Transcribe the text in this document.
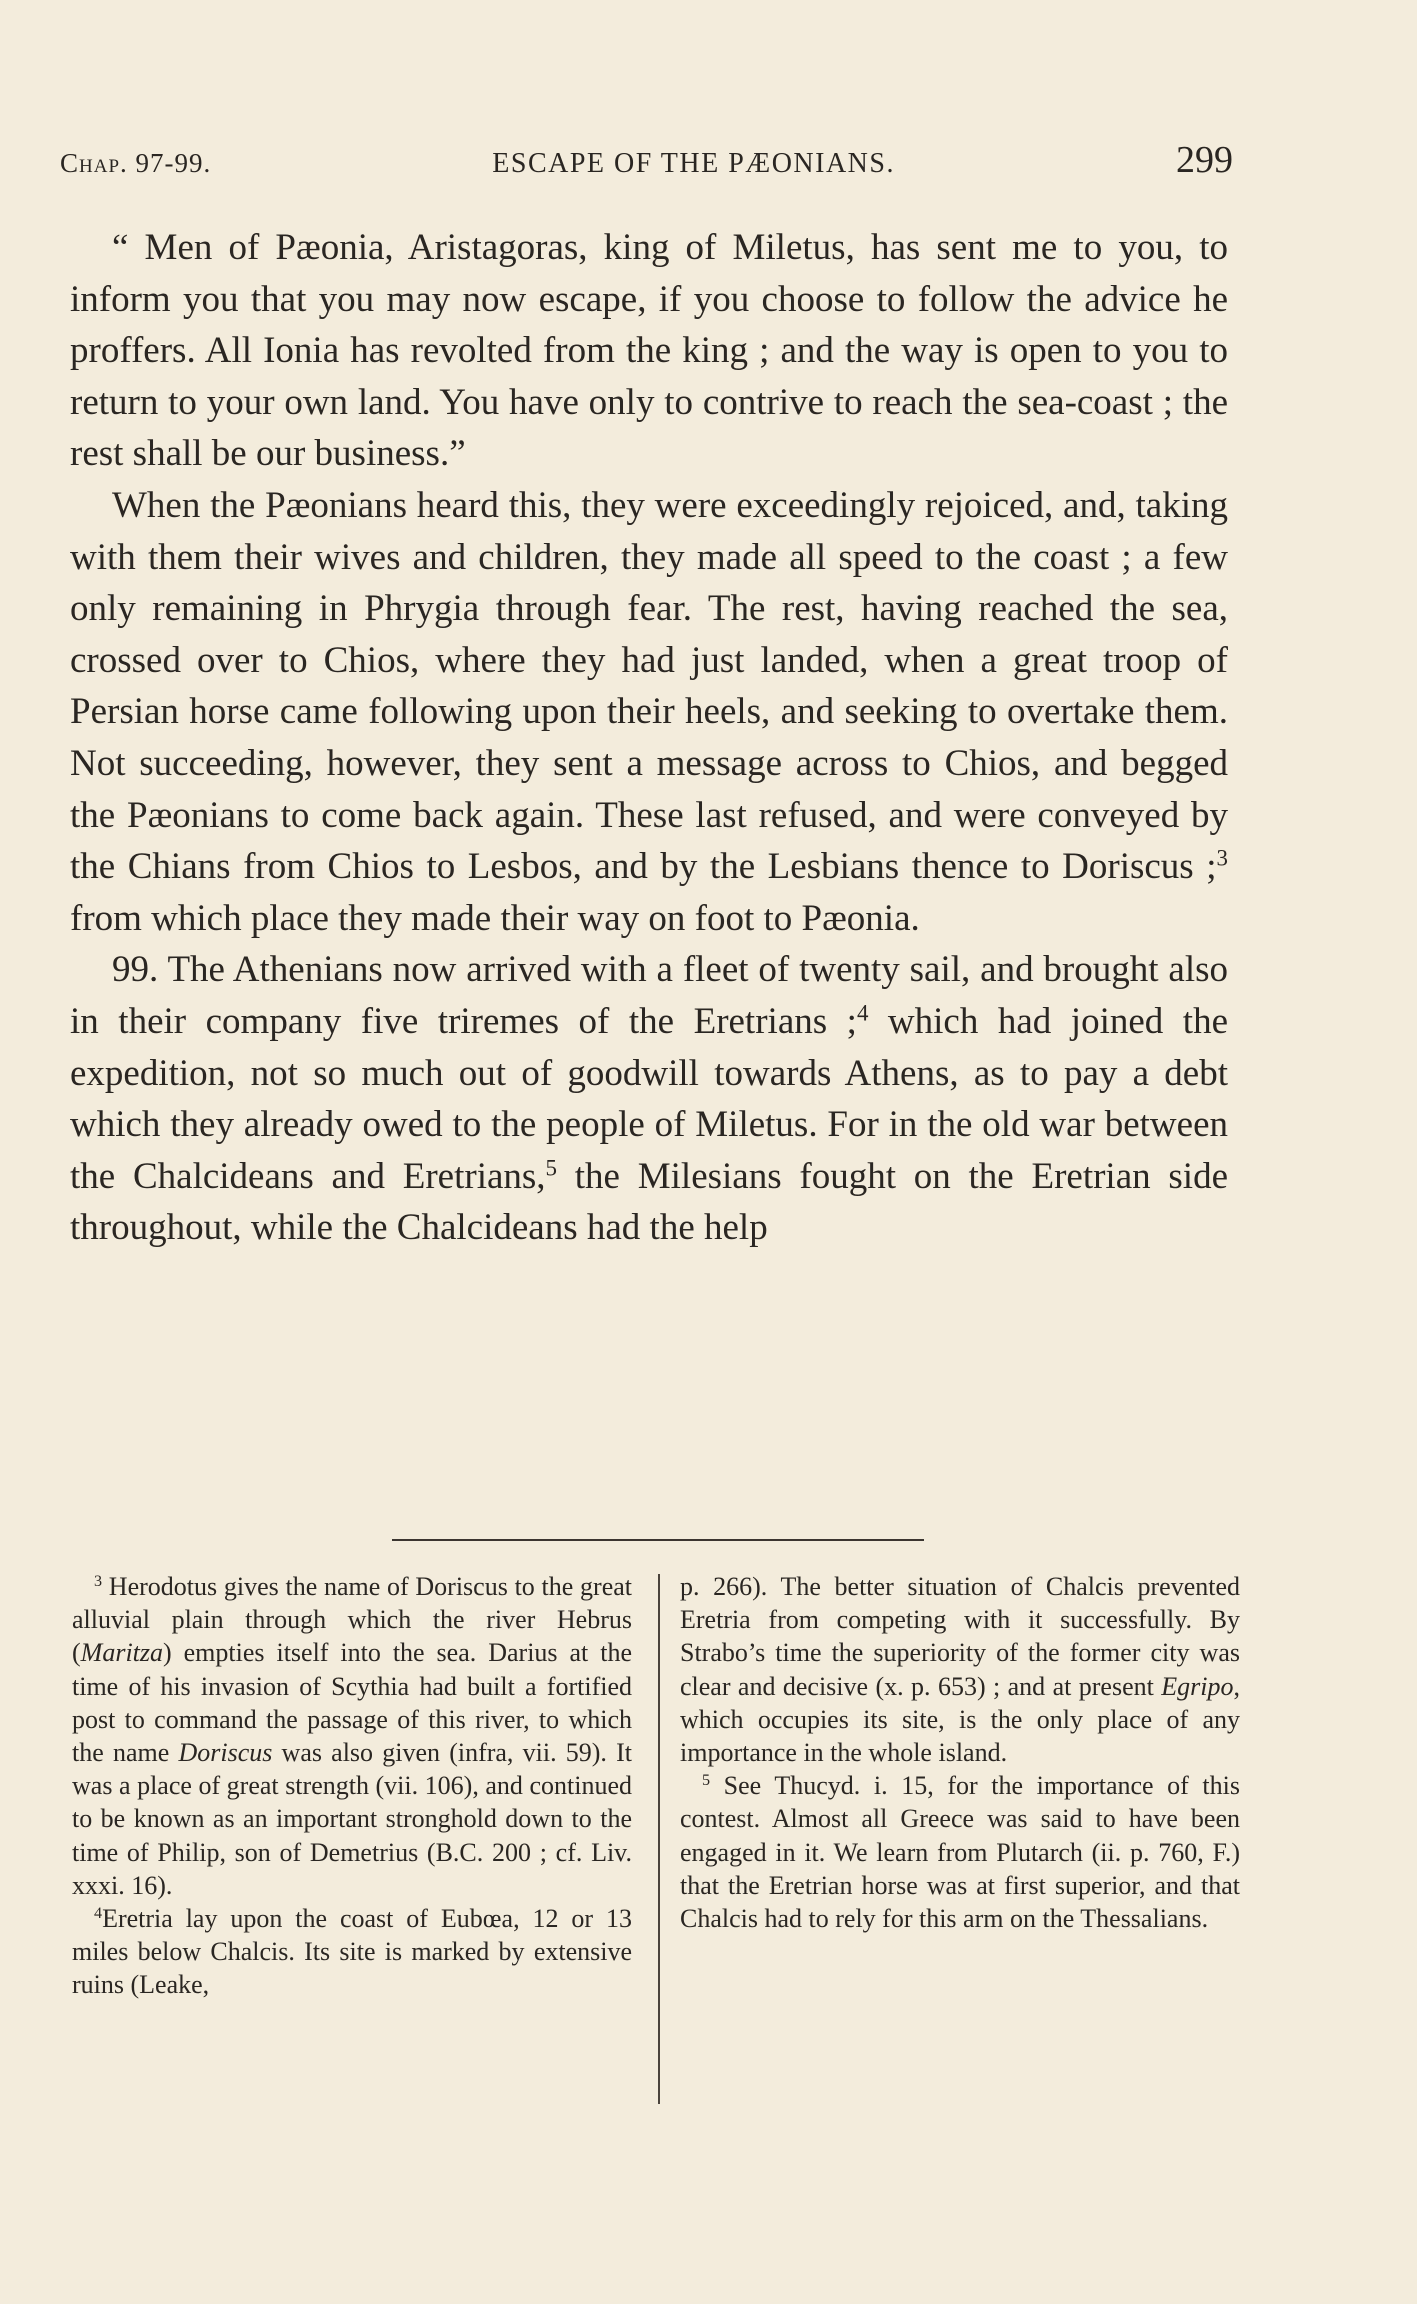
Chap. 97-99.	ESCAPE OF THE PÆONIANS.	299

“ Men of Pæonia, Aristagoras, king of Miletus, has sent me to you, to inform you that you may now escape, if you choose to follow the advice he proffers. All Ionia has revolted from the king ; and the way is open to you to return to your own land. You have only to contrive to reach the sea-coast ; the rest shall be our business.”

When the Pæonians heard this, they were exceedingly rejoiced, and, taking with them their wives and children, they made all speed to the coast ; a few only remaining in Phrygia through fear. The rest, having reached the sea, crossed over to Chios, where they had just landed, when a great troop of Persian horse came following upon their heels, and seeking to overtake them. Not succeeding, however, they sent a message across to Chios, and begged the Pæonians to come back again. These last refused, and were conveyed by the Chians from Chios to Lesbos, and by the Lesbians thence to Doriscus ;$^3$ from which place they made their way on foot to Pæonia.

99. The Athenians now arrived with a fleet of twenty sail, and brought also in their company five triremes of the Eretrians ;$^4$ which had joined the expedition, not so much out of goodwill towards Athens, as to pay a debt which they already owed to the people of Miletus. For in the old war between the Chalcideans and Eretrians,$^5$ the Milesians fought on the Eretrian side throughout, while the Chalcideans had the help

$^3$ Herodotus gives the name of Doriscus to the great alluvial plain through which the river Hebrus (Maritza) empties itself into the sea. Darius at the time of his invasion of Scythia had built a fortified post to command the passage of this river, to which the name Doriscus was also given (infra, vii. 59). It was a place of great strength (vii. 106), and continued to be known as an important stronghold down to the time of Philip, son of Demetrius (B.C. 200 ; cf. Liv. xxxi. 16).

$^4$Eretria lay upon the coast of Eubœa, 12 or 13 miles below Chalcis. Its site is marked by extensive ruins (Leake,

p. 266). The better situation of Chalcis prevented Eretria from competing with it successfully. By Strabo’s time the superiority of the former city was clear and decisive (x. p. 653) ; and at present Egripo, which occupies its site, is the only place of any importance in the whole island.

$^5$ See Thucyd. i. 15, for the importance of this contest. Almost all Greece was said to have been engaged in it. We learn from Plutarch (ii. p. 760, F.) that the Eretrian horse was at first superior, and that Chalcis had to rely for this arm on the Thessalians.
